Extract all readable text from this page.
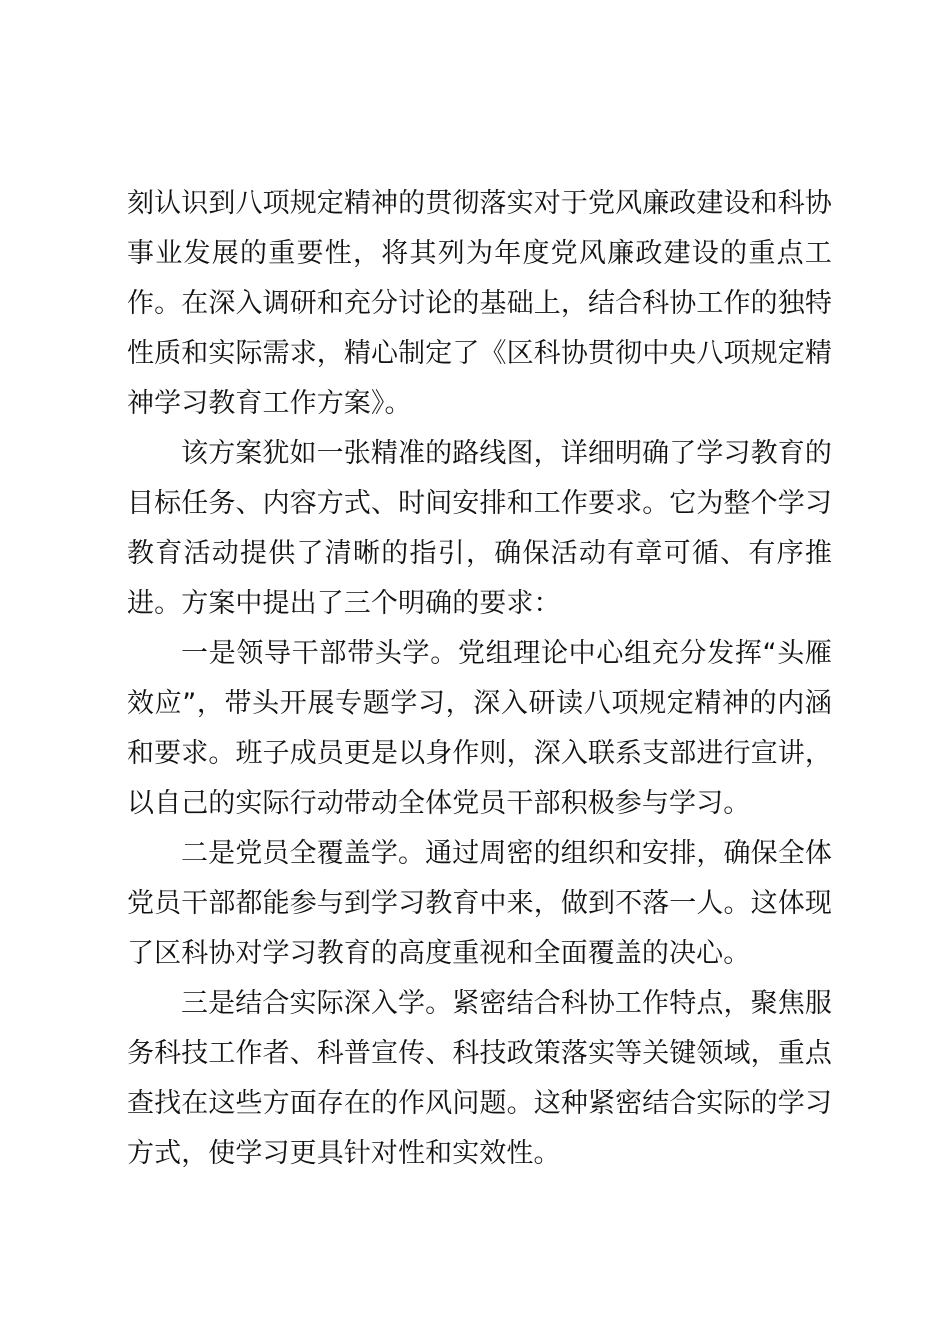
刻认识到八项规定精神的贯彻落实对于党风廉政建设和科协事业发展的重要性，将其列为年度党风廉政建设的重点工作。在深入调研和充分讨论的基础上，结合科协工作的独特性质和实际需求，精心制定了《区科协贯彻中央八项规定精神学习教育工作方案》。

该方案犹如一张精准的路线图，详细明确了学习教育的目标任务、内容方式、时间安排和工作要求。它为整个学习教育活动提供了清晰的指引，确保活动有章可循、有序推进。方案中提出了三个明确的要求：

一是领导干部带头学。党组理论中心组充分发挥“头雁效应”，带头开展专题学习，深入研读八项规定精神的内涵和要求。班子成员更是以身作则，深入联系支部进行宣讲，以自己的实际行动带动全体党员干部积极参与学习。

二是党员全覆盖学。通过周密的组织和安排，确保全体党员干部都能参与到学习教育中来，做到不落一人。这体现了区科协对学习教育的高度重视和全面覆盖的决心。

三是结合实际深入学。紧密结合科协工作特点，聚焦服务科技工作者、科普宣传、科技政策落实等关键领域，重点查找在这些方面存在的作风问题。这种紧密结合实际的学习方式，使学习更具针对性和实效性。
